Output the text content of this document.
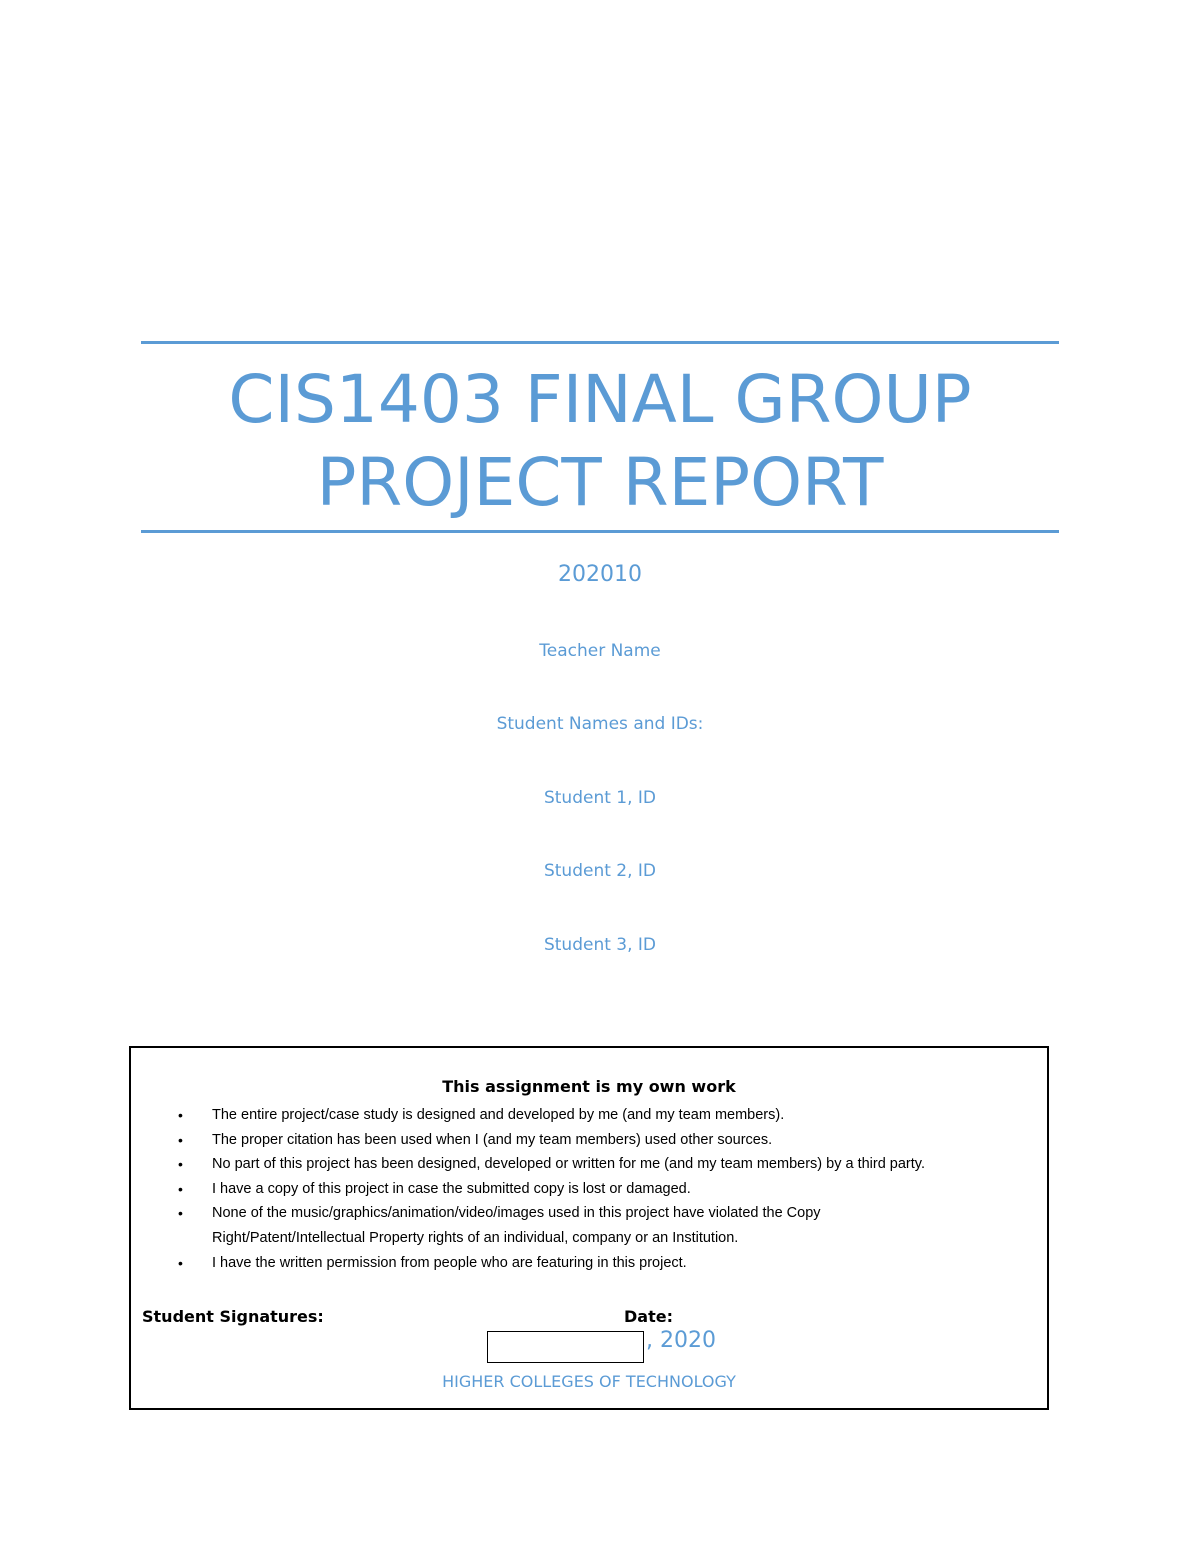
CIS1403 FINAL GROUP
PROJECT REPORT
202010
Teacher Name
Student Names and IDs:
Student 1, ID
Student 2, ID
Student 3, ID
This assignment is my own work
• The entire project/case study is designed and developed by me (and my team members).
• The proper citation has been used when I (and my team members) used other sources.
• No part of this project has been designed, developed or written for me (and my team members) by a third party.
• I have a copy of this project in case the submitted copy is lost or damaged.
• None of the music/graphics/animation/video/images used in this project have violated the Copy Right/Patent/Intellectual Property rights of an individual, company or an Institution.
• I have the written permission from people who are featuring in this project.
Student Signatures:	Date:
, 2020
HIGHER COLLEGES OF TECHNOLOGY
